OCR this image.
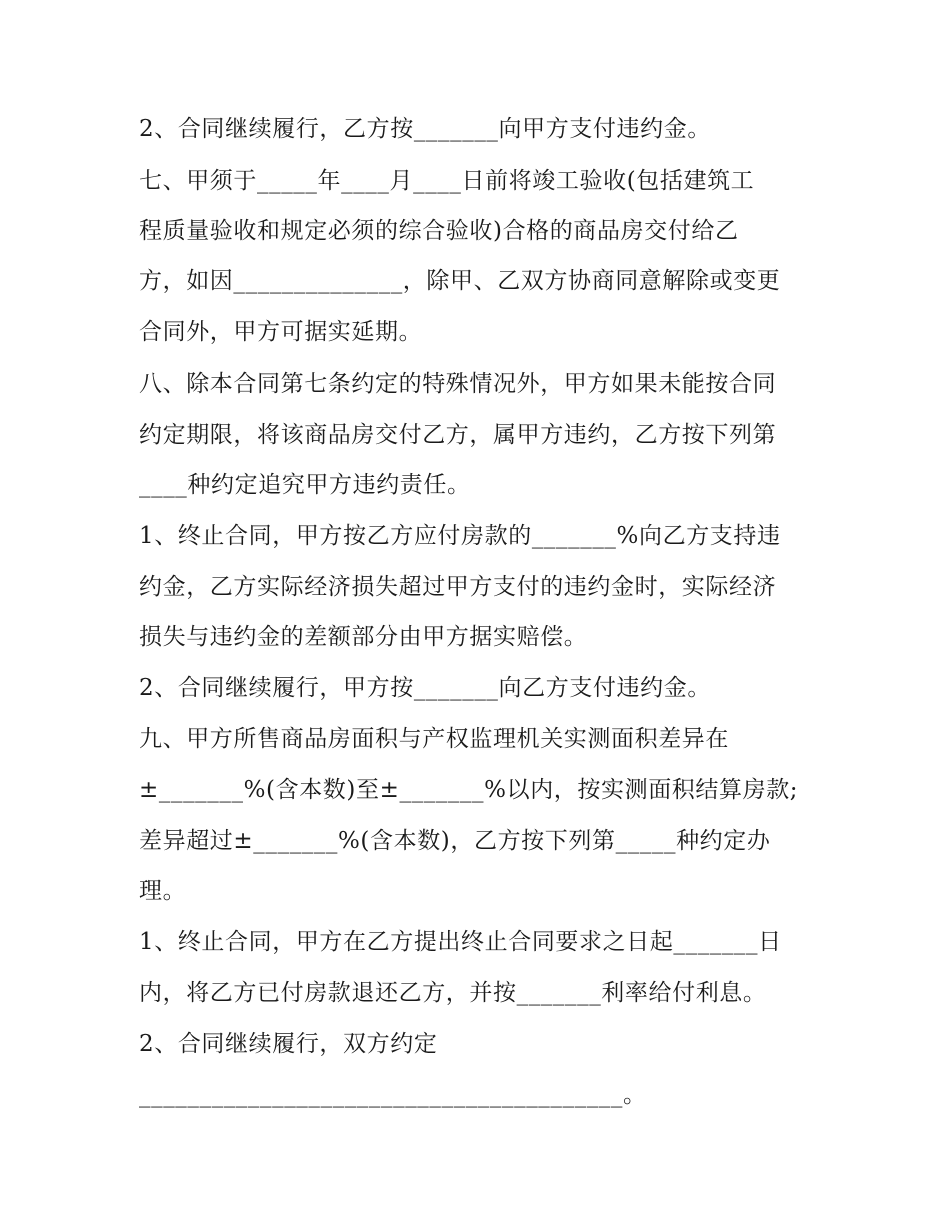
2、合同继续履行，乙方按_______向甲方支付违约金。

七、甲须于_____年____月____日前将竣工验收(包括建筑工

程质量验收和规定必须的综合验收)合格的商品房交付给乙

方，如因______________，除甲、乙双方协商同意解除或变更

合同外，甲方可据实延期。

八、除本合同第七条约定的特殊情况外，甲方如果未能按合同

约定期限，将该商品房交付乙方，属甲方违约，乙方按下列第

____种约定追究甲方违约责任。

1、终止合同，甲方按乙方应付房款的_______%向乙方支持违

约金，乙方实际经济损失超过甲方支付的违约金时，实际经济

损失与违约金的差额部分由甲方据实赔偿。

2、合同继续履行，甲方按_______向乙方支付违约金。

九、甲方所售商品房面积与产权监理机关实测面积差异在

±_______%(含本数)至±_______%以内，按实测面积结算房款;

差异超过±_______%(含本数)，乙方按下列第_____种约定办

理。

1、终止合同，甲方在乙方提出终止合同要求之日起_______日

内，将乙方已付房款退还乙方，并按_______利率给付利息。

2、合同继续履行，双方约定

________________________________________。
